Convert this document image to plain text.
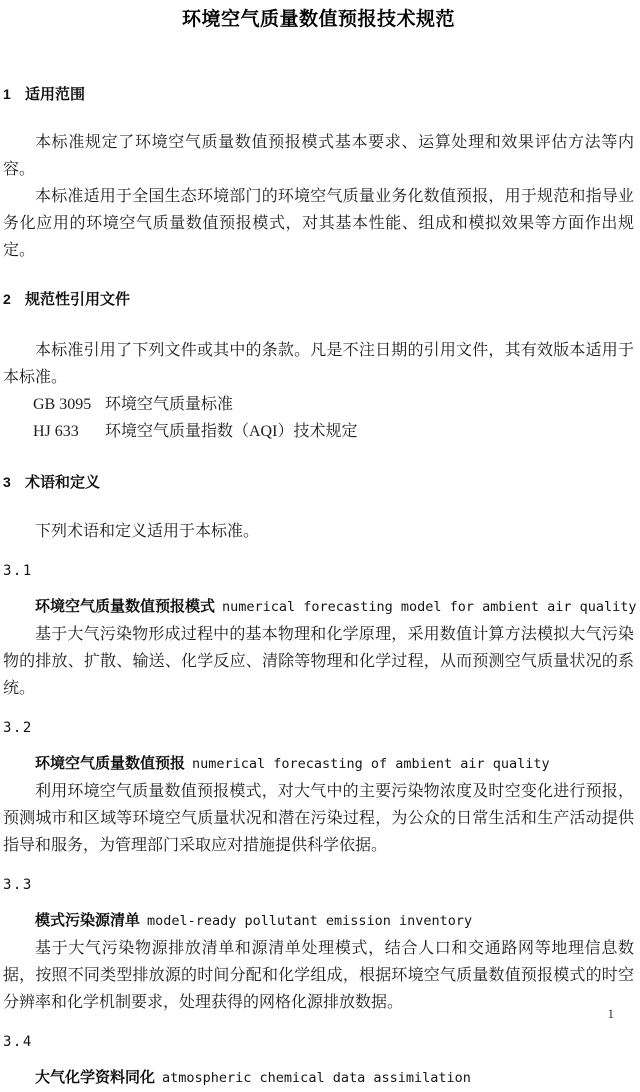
环境空气质量数值预报技术规范
1 适用范围

本标准规定了环境空气质量数值预报模式基本要求、运算处理和效果评估方法等内容。

本标准适用于全国生态环境部门的环境空气质量业务化数值预报，用于规范和指导业务化应用的环境空气质量数值预报模式，对其基本性能、组成和模拟效果等方面作出规定。

2 规范性引用文件

本标准引用了下列文件或其中的条款。凡是不注日期的引用文件，其有效版本适用于本标准。

GB 3095 环境空气质量标准
HJ 633 环境空气质量指数（AQI）技术规定
3 术语和定义

下列术语和定义适用于本标准。

3.1
环境空气质量数值预报模式 numerical forecasting model for ambient air quality

基于大气污染物形成过程中的基本物理和化学原理，采用数值计算方法模拟大气污染物的排放、扩散、输送、化学反应、清除等物理和化学过程，从而预测空气质量状况的系统。

3.2
环境空气质量数值预报 numerical forecasting of ambient air quality

利用环境空气质量数值预报模式，对大气中的主要污染物浓度及时空变化进行预报，预测城市和区域等环境空气质量状况和潜在污染过程，为公众的日常生活和生产活动提供指导和服务，为管理部门采取应对措施提供科学依据。

3.3
模式污染源清单 model-ready pollutant emission inventory

基于大气污染物源排放清单和源清单处理模式，结合人口和交通路网等地理信息数据，按照不同类型排放源的时间分配和化学组成，根据环境空气质量数值预报模式的时空分辨率和化学机制要求，处理获得的网格化源排放数据。

3.4
大气化学资料同化 atmospheric chemical data assimilation
1
